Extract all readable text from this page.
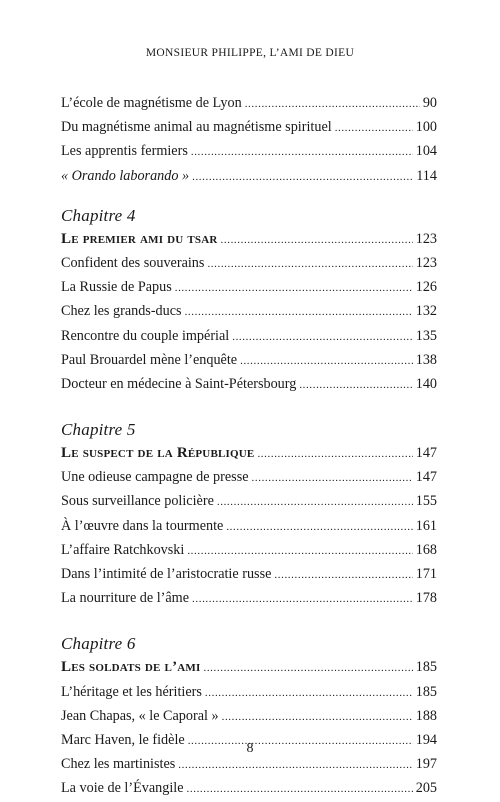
MONSIEUR PHILIPPE, L’AMI DE DIEU
L’école de magnétisme de Lyon .....	90
Du magnétisme animal au magnétisme spirituel .....	100
Les apprentis fermiers .....	104
« Orando laborando » .....	114
Chapitre 4
Le premier ami du tsar .....	123
Confident des souverains .....	123
La Russie de Papus .....	126
Chez les grands-ducs .....	132
Rencontre du couple impérial .....	135
Paul Brouardel mène l’enquête .....	138
Docteur en médecine à Saint-Pétersbourg .....	140
Chapitre 5
Le suspect de la République .....	147
Une odieuse campagne de presse .....	147
Sous surveillance policière .....	155
À l’œuvre dans la tourmente .....	161
L’affaire Ratchkovski .....	168
Dans l’intimité de l’aristocratie russe .....	171
La nourriture de l’âme .....	178
Chapitre 6
Les soldats de l’ami .....	185
L’héritage et les héritiers .....	185
Jean Chapas, « le Caporal » .....	188
Marc Haven, le fidèle .....	194
Chez les martinistes .....	197
La voie de l’Évangile .....	205
8
